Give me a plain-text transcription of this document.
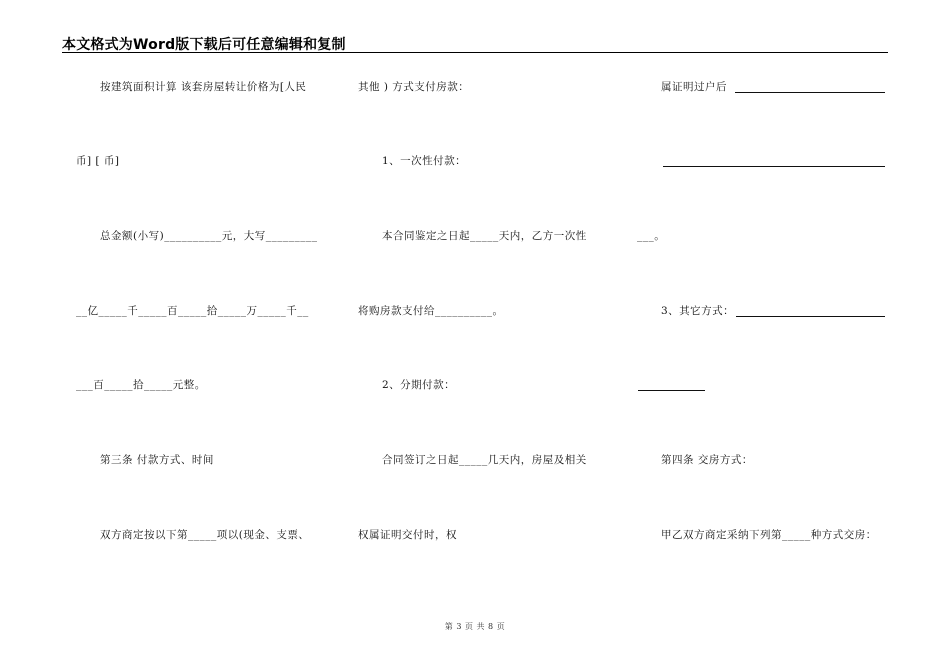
本文格式为Word版下载后可任意编辑和复制
按建筑面积计算 该套房屋转让价格为[人民
币] [ 币]
总金额(小写)__________元，大写_________
__亿_____千_____百_____拾_____万_____千__
___百_____拾_____元整。
第三条 付款方式、时间
双方商定按以下第_____项以(现金、支票、
其他 ) 方式支付房款：
1、一次性付款：
本合同鉴定之日起_____天内，乙方一次性
将购房款支付给__________。
2、分期付款：
合同签订之日起_____几天内，房屋及相关
权属证明交付时，权
属证明过户后
___。
3、其它方式：
第四条 交房方式：
甲乙双方商定采纳下列第_____种方式交房：
第 3 页 共 8 页
